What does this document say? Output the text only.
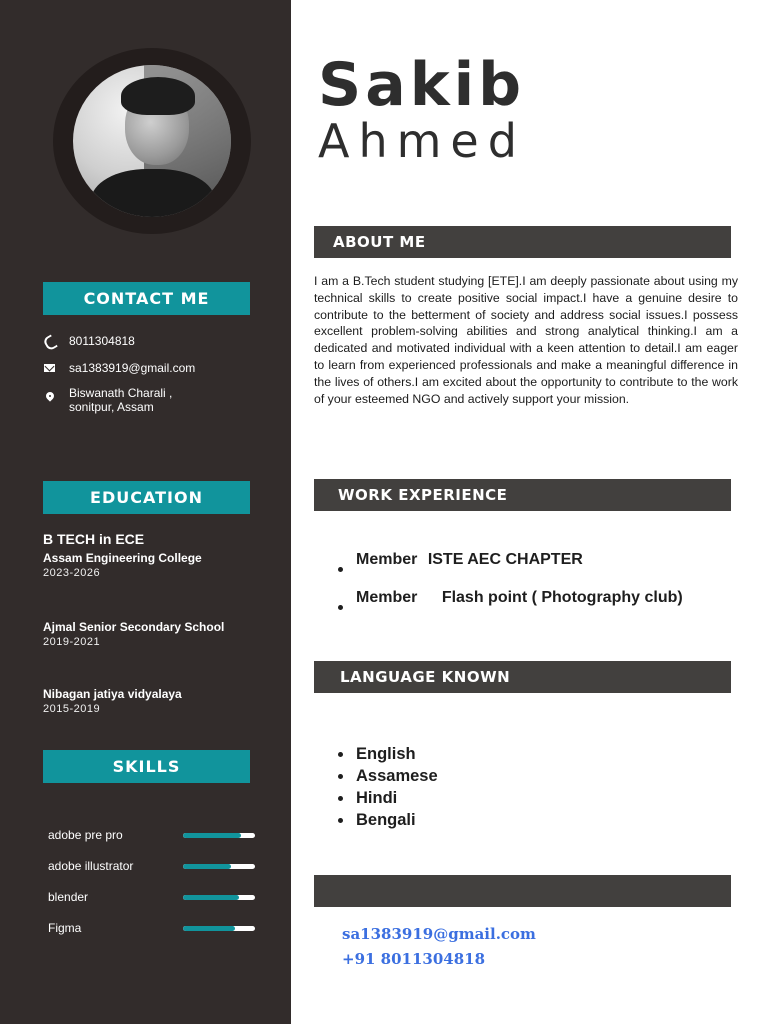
CONTACT ME
8011304818
sa1383919@gmail.com
Biswanath Charali ,
sonitpur, Assam
EDUCATION
B TECH in ECE
Assam Engineering College
2023-2026
Ajmal Senior Secondary School
2019-2021
Nibagan jatiya vidyalaya
2015-2019
SKILLS
adobe pre pro
adobe illustrator
blender
Figma
Sakib
Ahmed
ABOUT ME
I am a B.Tech student studying [ETE].I am deeply passionate about using my technical skills to create positive social impact.I have a genuine desire to contribute to the betterment of society and address social issues.I possess excellent problem-solving abilities and strong analytical thinking.I am a dedicated and motivated individual with a keen attention to detail.I am eager to learn from experienced professionals and make a meaningful difference in the lives of others.I am excited about the opportunity to contribute to the work of your esteemed NGO and actively support your mission.
WORK EXPERIENCE
Member ISTE AEC CHAPTER
Member Flash point ( Photography club)
LANGUAGE KNOWN
English
Assamese
Hindi
Bengali
sa1383919@gmail.com
+91 8011304818
